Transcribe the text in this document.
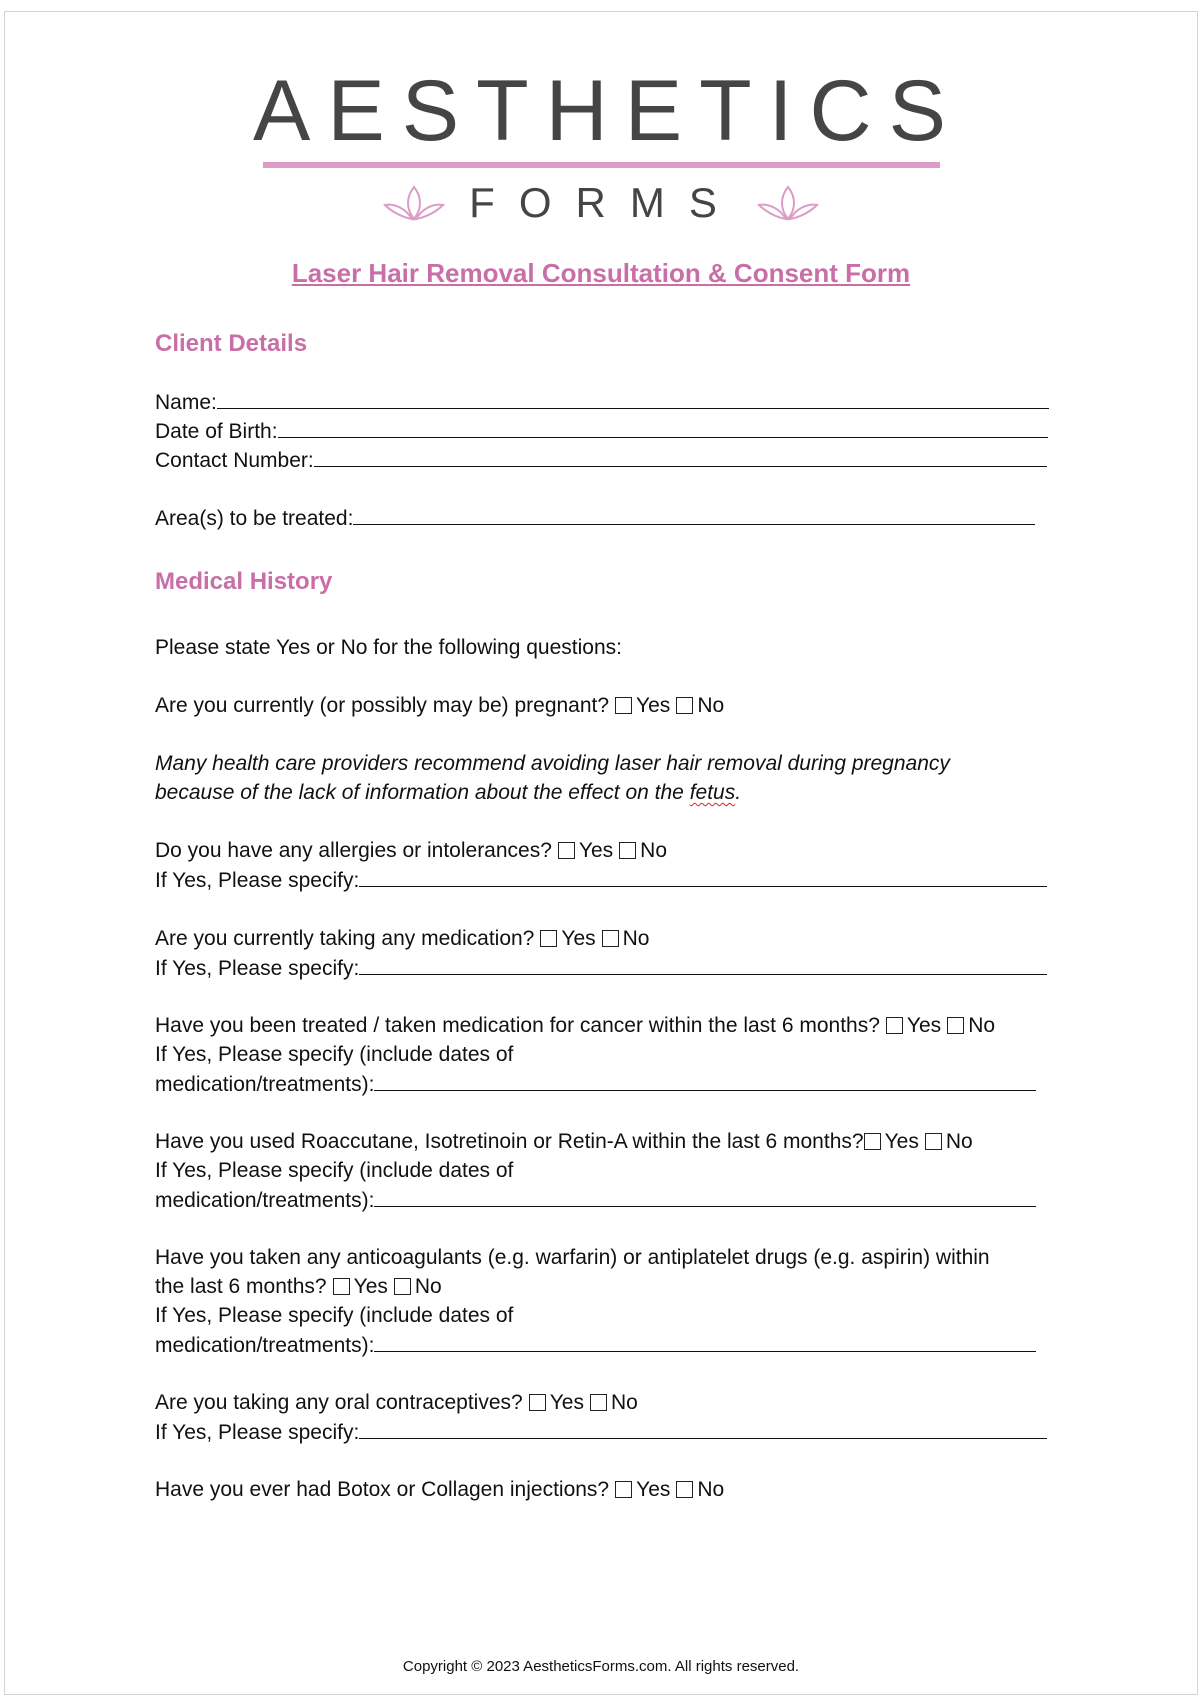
AESTHETICS
FORMS
Laser Hair Removal Consultation & Consent Form
Client Details
Name:
Date of Birth:
Contact Number:
Area(s) to be treated:
Medical History
Please state Yes or No for the following questions:
Are you currently (or possibly may be) pregnant? Yes No
Many health care providers recommend avoiding laser hair removal during pregnancy
because of the lack of information about the effect on the fetus.
Do you have any allergies or intolerances? Yes No
If Yes, Please specify:
Are you currently taking any medication? Yes No
If Yes, Please specify:
Have you been treated / taken medication for cancer within the last 6 months? Yes No
If Yes, Please specify (include dates of
medication/treatments):
Have you used Roaccutane, Isotretinoin or Retin-A within the last 6 months? Yes No
If Yes, Please specify (include dates of
medication/treatments):
Have you taken any anticoagulants (e.g. warfarin) or antiplatelet drugs (e.g. aspirin) within
the last 6 months? Yes No
If Yes, Please specify (include dates of
medication/treatments):
Are you taking any oral contraceptives? Yes No
If Yes, Please specify:
Have you ever had Botox or Collagen injections? Yes No
Copyright © 2023 AestheticsForms.com. All rights reserved.
